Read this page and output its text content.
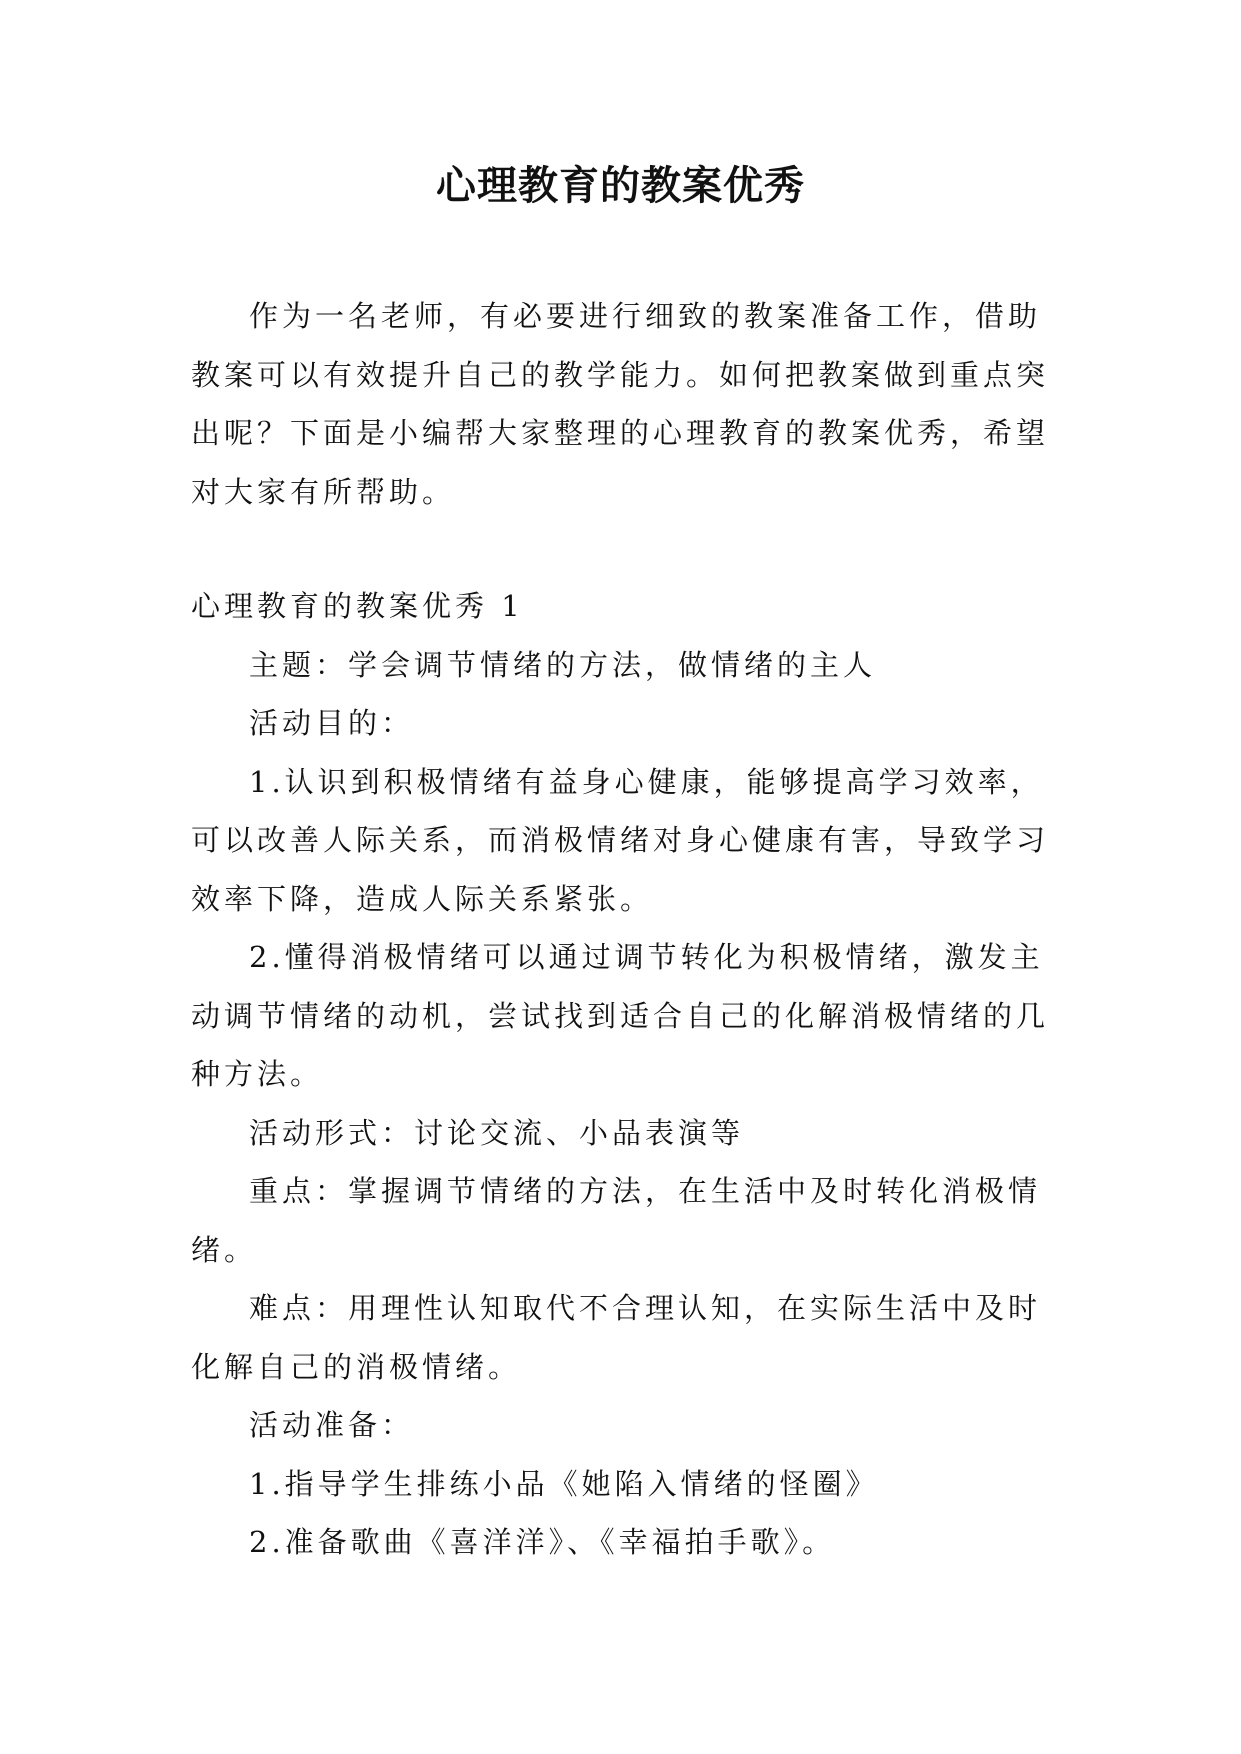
心理教育的教案优秀

作为一名老师，有必要进行细致的教案准备工作，借助教案可以有效提升自己的教学能力。如何把教案做到重点突出呢？下面是小编帮大家整理的心理教育的教案优秀，希望对大家有所帮助。

心理教育的教案优秀 1

主题：学会调节情绪的方法，做情绪的主人

活动目的：

1.认识到积极情绪有益身心健康，能够提高学习效率，可以改善人际关系，而消极情绪对身心健康有害，导致学习效率下降，造成人际关系紧张。

2.懂得消极情绪可以通过调节转化为积极情绪，激发主动调节情绪的动机，尝试找到适合自己的化解消极情绪的几种方法。

活动形式：讨论交流、小品表演等

重点：掌握调节情绪的方法，在生活中及时转化消极情绪。

难点：用理性认知取代不合理认知，在实际生活中及时化解自己的消极情绪。

活动准备：

1.指导学生排练小品《她陷入情绪的怪圈》

2.准备歌曲《喜洋洋》、《幸福拍手歌》。
